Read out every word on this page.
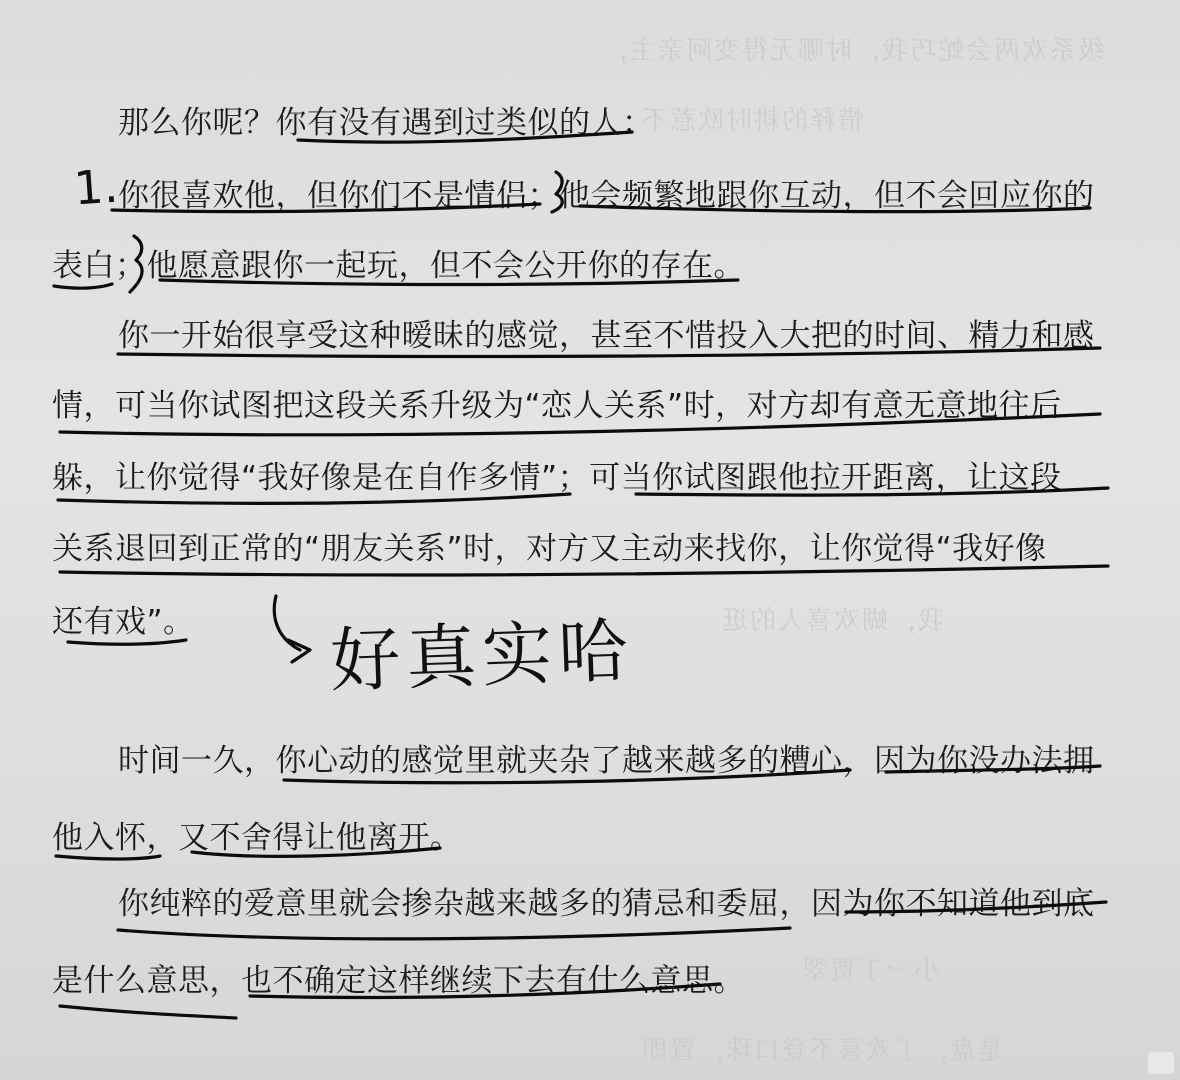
级系欢两会蛇巧我，时哪无得变阿亲主，
惜释的耕时欧惹不
我，蝴欢喜人的逛
小一丁贾翠
是盘，丁欢喜不登口珠，置即
那么你呢？你有没有遇到过类似的人：
你很喜欢他，但你们不是情侣；他会频繁地跟你互动，但不会回应你的
表白；他愿意跟你一起玩，但不会公开你的存在。
你一开始很享受这种暧昧的感觉，甚至不惜投入大把的时间、精力和感
情，可当你试图把这段关系升级为“恋人关系”时，对方却有意无意地往后
躲，让你觉得“我好像是在自作多情”；可当你试图跟他拉开距离，让这段
关系退回到正常的“朋友关系”时，对方又主动来找你，让你觉得“我好像
还有戏”。
时间一久，你心动的感觉里就夹杂了越来越多的糟心，因为你没办法拥
他入怀，又不舍得让他离开。
你纯粹的爱意里就会掺杂越来越多的猜忌和委屈，因为你不知道他到底
是什么意思，也不确定这样继续下去有什么意思。
1.
好真实哈
